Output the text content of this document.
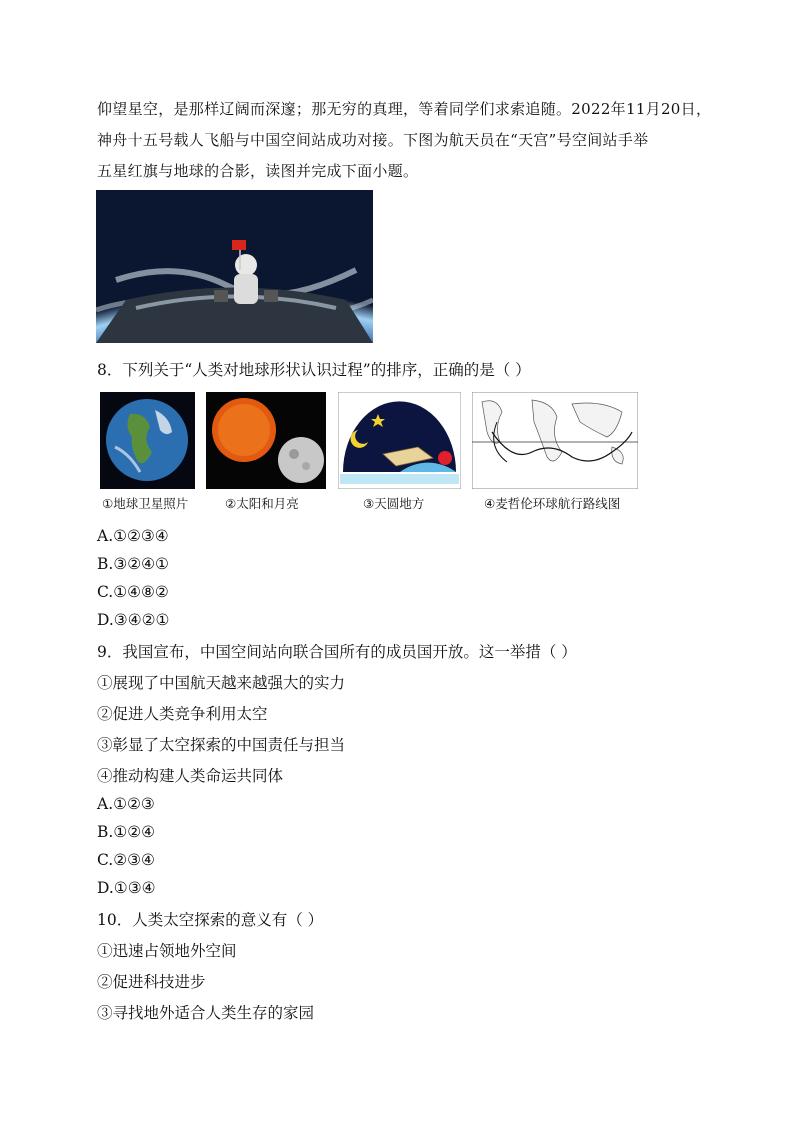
仰望星空，是那样辽阔而深邃；那无穷的真理，等着同学们求索追随。2022年11月20日，
神舟十五号载人飞船与中国空间站成功对接。下图为航天员在“天宫”号空间站手举
五星红旗与地球的合影，读图并完成下面小题。
8．下列关于“人类对地球形状认识过程”的排序，正确的是（ ）
①地球卫星照片	②太阳和月亮	③天圆地方	④麦哲伦环球航行路线图
A.①②③④
B.③②④①
C.①④⑧②
D.③④②①
9．我国宣布，中国空间站向联合国所有的成员国开放。这一举措（ ）
①展现了中国航天越来越强大的实力
②促进人类竞争利用太空
③彰显了太空探索的中国责任与担当
④推动构建人类命运共同体
A.①②③
B.①②④
C.②③④
D.①③④
10．人类太空探索的意义有（ ）
①迅速占领地外空间
②促进科技进步
③寻找地外适合人类生存的家园
